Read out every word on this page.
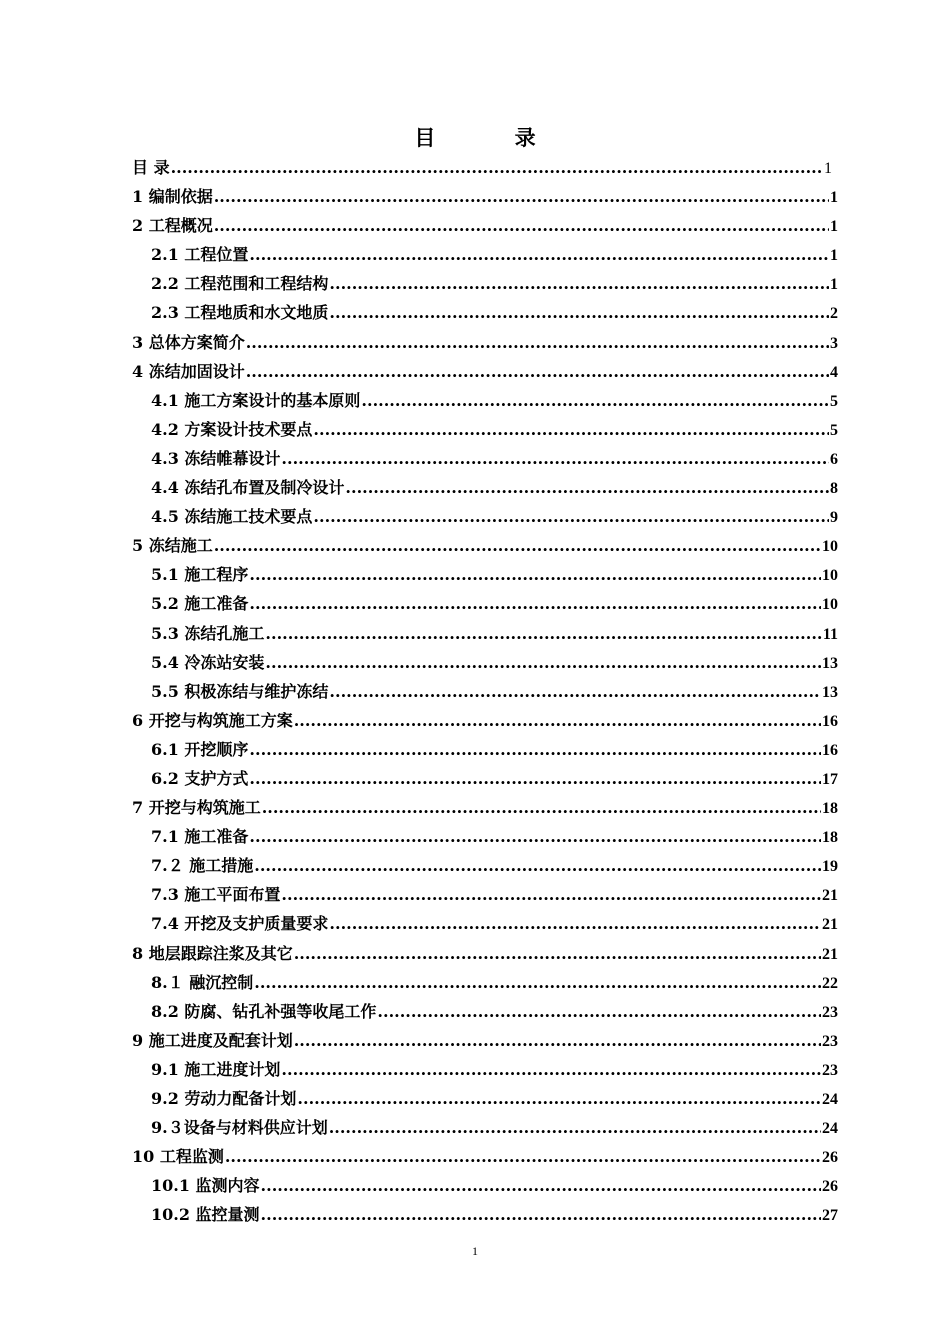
目 录
目 录 .....	1
1 编制依据 .....	1
2 工程概况 .....	1
2.1 工程位置 .....	1
2.2 工程范围和工程结构 .....	1
2.3 工程地质和水文地质 .....	2
3 总体方案简介 .....	3
4 冻结加固设计 .....	4
4.1 施工方案设计的基本原则 .....	5
4.2 方案设计技术要点 .....	5
4.3 冻结帷幕设计 .....	6
4.4 冻结孔布置及制冷设计 .....	8
4.5 冻结施工技术要点 .....	9
5 冻结施工 .....	10
5.1 施工程序 .....	10
5.2 施工准备 .....	10
5.3 冻结孔施工 .....	11
5.4 冷冻站安装 .....	13
5.5 积极冻结与维护冻结 .....	13
6 开挖与构筑施工方案 .....	16
6.1 开挖顺序 .....	16
6.2 支护方式 .....	17
7 开挖与构筑施工 .....	18
7.1 施工准备 .....	18
7.２ 施工措施 .....	19
7.3 施工平面布置 .....	21
7.4 开挖及支护质量要求 .....	21
8 地层跟踪注浆及其它 .....	21
8.１ 融沉控制 .....	22
8.2 防腐、钻孔补强等收尾工作 .....	23
9 施工进度及配套计划 .....	23
9.1 施工进度计划 .....	23
9.2 劳动力配备计划 .....	24
9.３设备与材料供应计划 .....	24
10 工程监测 .....	26
10.1 监测内容 .....	26
10.2 监控量测 .....	27
1
